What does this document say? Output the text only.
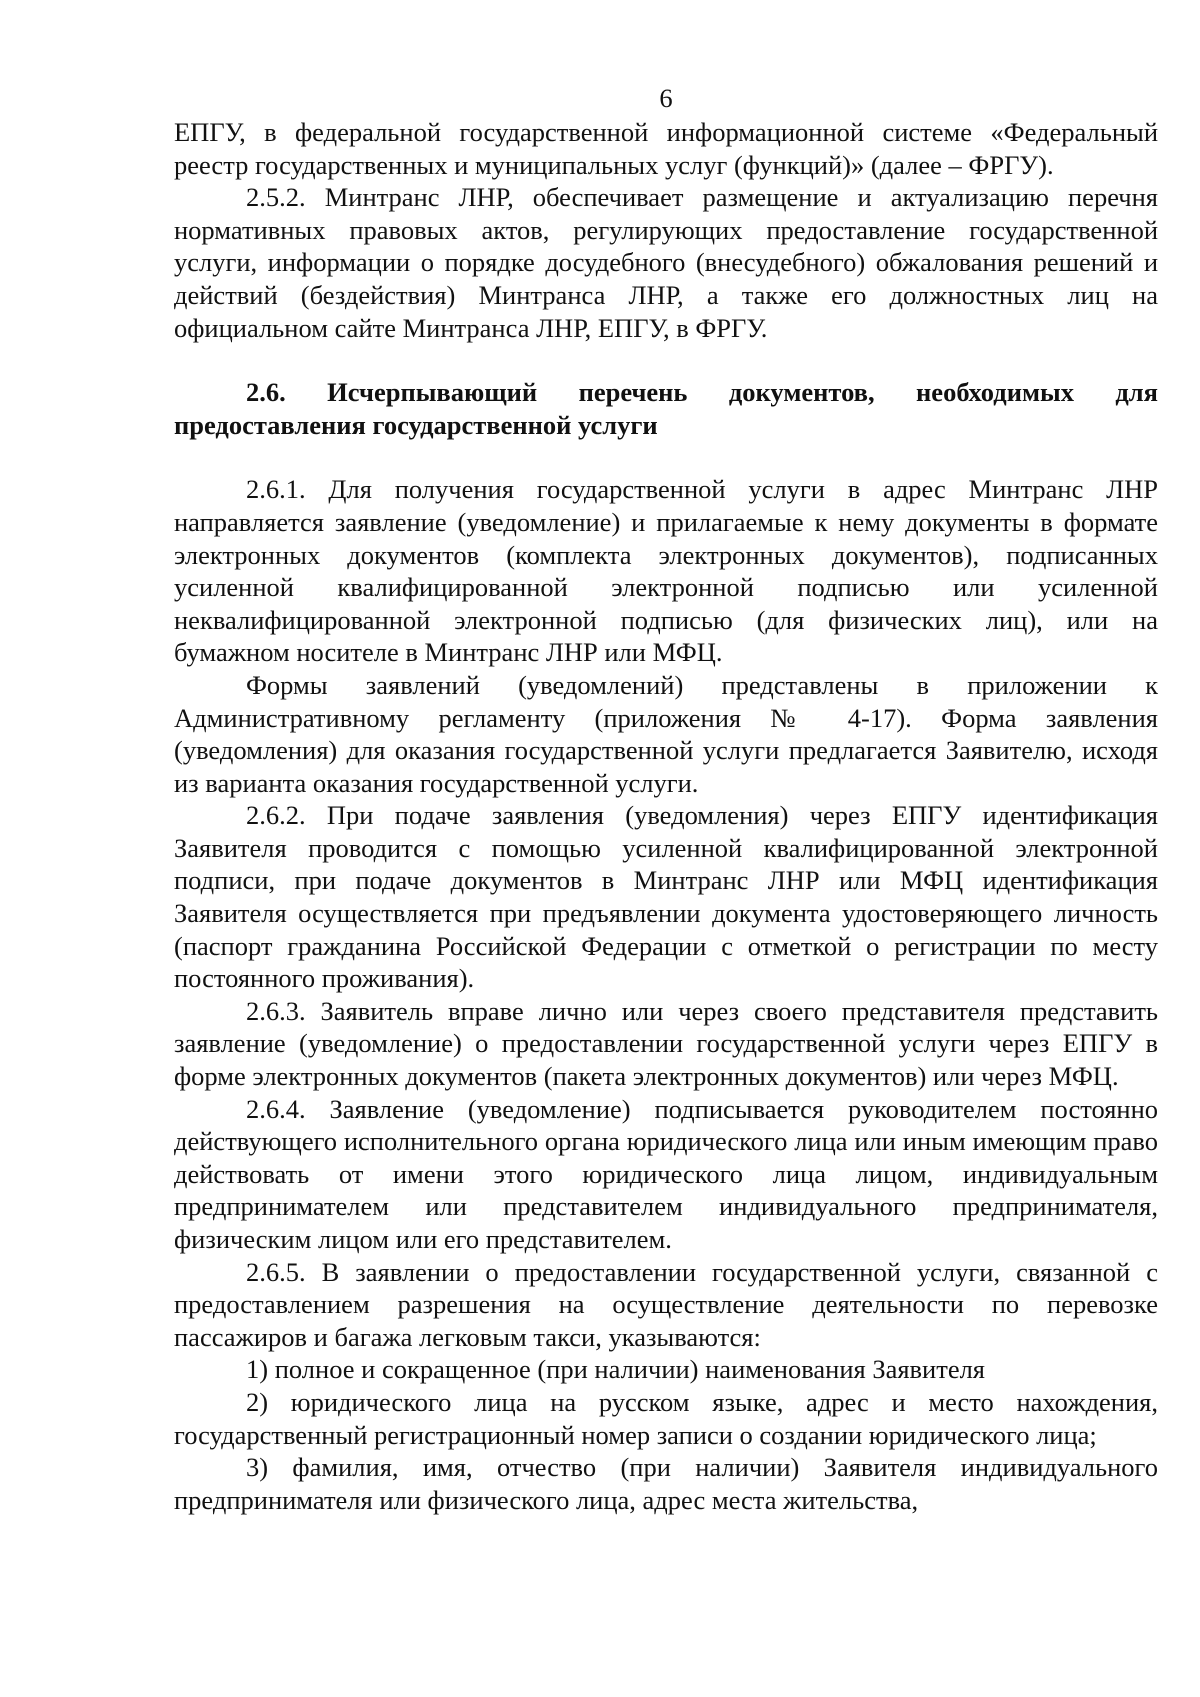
6

ЕПГУ, в федеральной государственной информационной системе «Федеральный реестр государственных и муниципальных услуг (функций)» (далее – ФРГУ).

2.5.2. Минтранс ЛНР, обеспечивает размещение и актуализацию перечня нормативных правовых актов, регулирующих предоставление государственной услуги, информации о порядке досудебного (внесудебного) обжалования решений и действий (бездействия) Минтранса ЛНР, а также его должностных лиц на официальном сайте Минтранса ЛНР, ЕПГУ, в ФРГУ.

2.6. Исчерпывающий перечень документов, необходимых для предоставления государственной услуги

2.6.1. Для получения государственной услуги в адрес Минтранс ЛНР направляется заявление (уведомление) и прилагаемые к нему документы в формате электронных документов (комплекта электронных документов), подписанных усиленной квалифицированной электронной подписью или усиленной неквалифицированной электронной подписью (для физических лиц), или на бумажном носителе в Минтранс ЛНР или МФЦ.

Формы заявлений (уведомлений) представлены в приложении к Административному регламенту (приложения № 4-17). Форма заявления (уведомления) для оказания государственной услуги предлагается Заявителю, исходя из варианта оказания государственной услуги.

2.6.2. При подаче заявления (уведомления) через ЕПГУ идентификация Заявителя проводится с помощью усиленной квалифицированной электронной подписи, при подаче документов в Минтранс ЛНР или МФЦ идентификация Заявителя осуществляется при предъявлении документа удостоверяющего личность (паспорт гражданина Российской Федерации с отметкой о регистрации по месту постоянного проживания).

2.6.3. Заявитель вправе лично или через своего представителя представить заявление (уведомление) о предоставлении государственной услуги через ЕПГУ в форме электронных документов (пакета электронных документов) или через МФЦ.

2.6.4. Заявление (уведомление) подписывается руководителем постоянно действующего исполнительного органа юридического лица или иным имеющим право действовать от имени этого юридического лица лицом, индивидуальным предпринимателем или представителем индивидуального предпринимателя, физическим лицом или его представителем.

2.6.5. В заявлении о предоставлении государственной услуги, связанной с предоставлением разрешения на осуществление деятельности по перевозке пассажиров и багажа легковым такси, указываются:

1) полное и сокращенное (при наличии) наименования Заявителя

2) юридического лица на русском языке, адрес и место нахождения, государственный регистрационный номер записи о создании юридического лица;

3) фамилия, имя, отчество (при наличии) Заявителя индивидуального предпринимателя или физического лица, адрес места жительства,
